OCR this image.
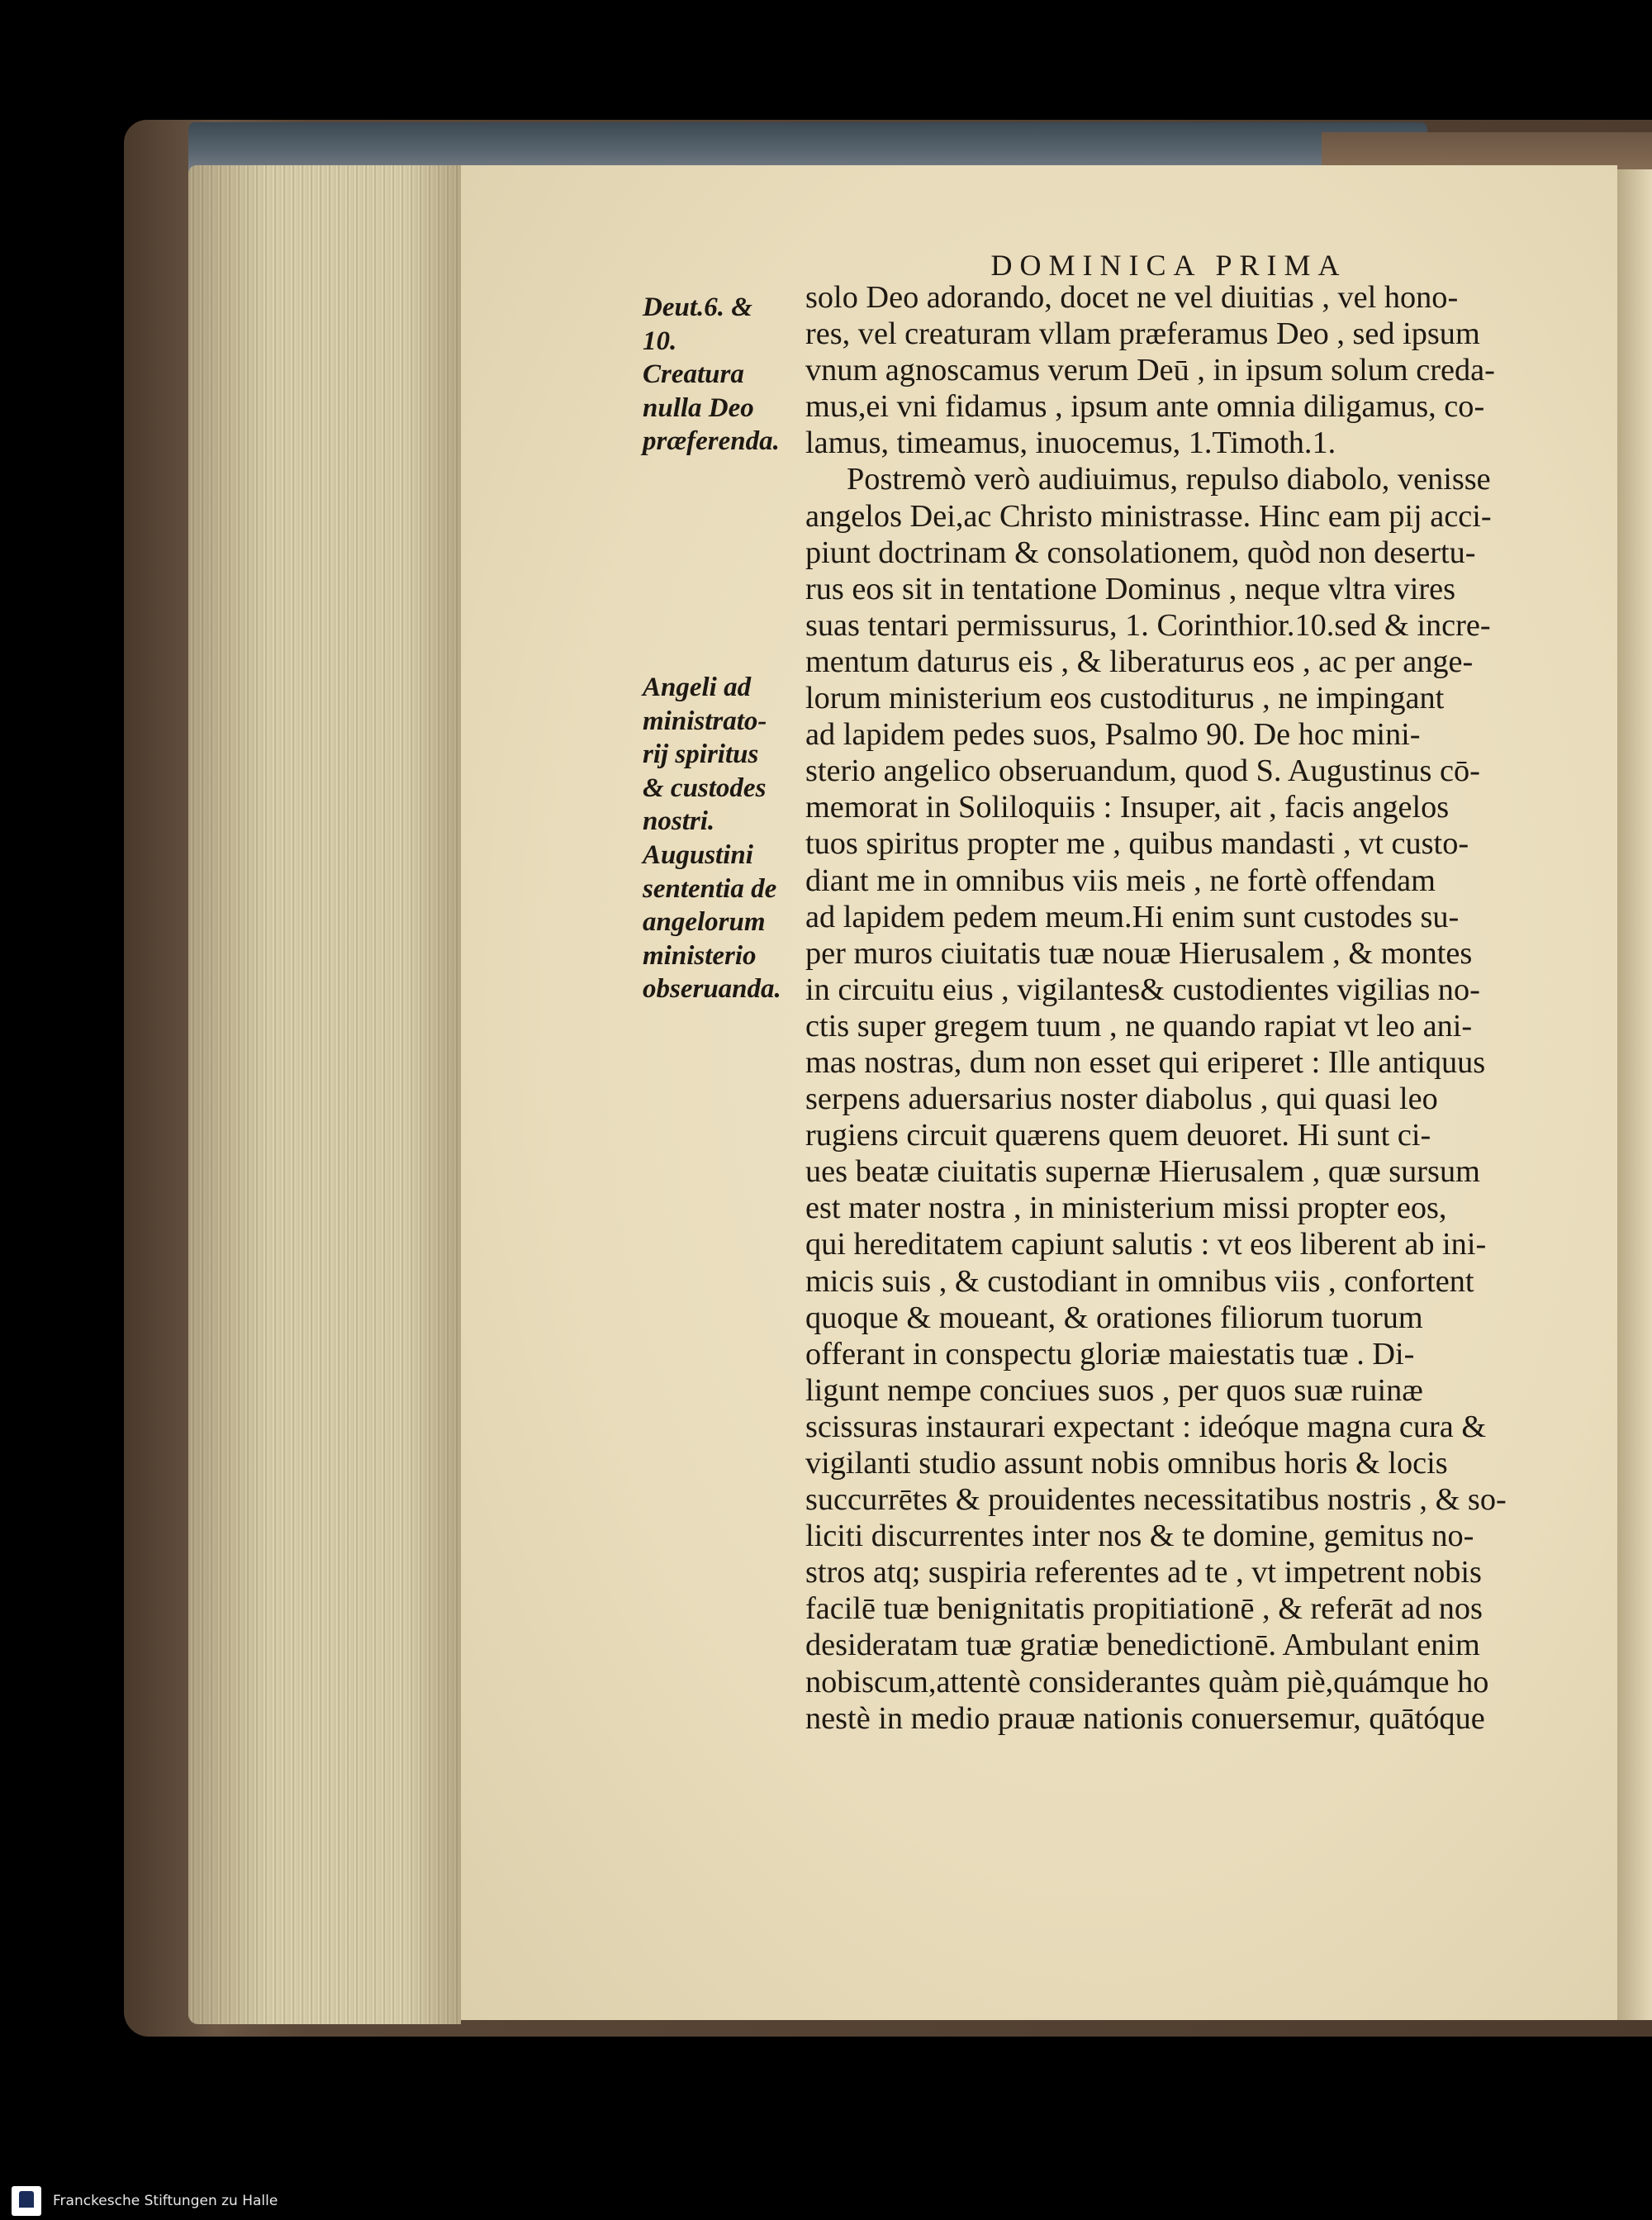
DOMINICA PRIMA
Deut.6. &
10.
Creatura
nulla Deo
præferenda.
Angeli ad
ministrato-
rij spiritus
& custodes
nostri.
Augustini
sententia de
angelorum
ministerio
obseruanda.
solo Deo adorando, docet ne vel diuitias , vel hono-
res, vel creaturam vllam præferamus Deo , sed ipsum
vnum agnoscamus verum Deū , in ipsum solum creda-
mus,ei vni fidamus , ipsum ante omnia diligamus, co-
lamus, timeamus, inuocemus, 1.Timoth.1.
Postremò verò audiuimus, repulso diabolo, venisse
angelos Dei,ac Christo ministrasse. Hinc eam pij acci-
piunt doctrinam & consolationem, quòd non desertu-
rus eos sit in tentatione Dominus , neque vltra vires
suas tentari permissurus, 1. Corinthior.10.sed & incre-
mentum daturus eis , & liberaturus eos , ac per ange-
lorum ministerium eos custoditurus , ne impingant
ad lapidem pedes suos, Psalmo 90. De hoc mini-
sterio angelico obseruandum, quod S. Augustinus cō-
memorat in Soliloquiis : Insuper, ait , facis angelos
tuos spiritus propter me , quibus mandasti , vt custo-
diant me in omnibus viis meis , ne fortè offendam
ad lapidem pedem meum.Hi enim sunt custodes su-
per muros ciuitatis tuæ nouæ Hierusalem , & montes
in circuitu eius , vigilantes& custodientes vigilias no-
ctis super gregem tuum , ne quando rapiat vt leo ani-
mas nostras, dum non esset qui eriperet : Ille antiquus
serpens aduersarius noster diabolus , qui quasi leo
rugiens circuit quærens quem deuoret. Hi sunt ci-
ues beatæ ciuitatis supernæ Hierusalem , quæ sursum
est mater nostra , in ministerium missi propter eos,
qui hereditatem capiunt salutis : vt eos liberent ab ini-
micis suis , & custodiant in omnibus viis , confortent
quoque & moueant, & orationes filiorum tuorum
offerant in conspectu gloriæ maiestatis tuæ . Di-
ligunt nempe conciues suos , per quos suæ ruinæ
scissuras instaurari expectant : ideóque magna cura &
vigilanti studio assunt nobis omnibus horis & locis
succurrētes & prouidentes necessitatibus nostris , & so-
liciti discurrentes inter nos & te domine, gemitus no-
stros atq; suspiria referentes ad te , vt impetrent nobis
facilē tuæ benignitatis propitiationē , & referāt ad nos
desideratam tuæ gratiæ benedictionē. Ambulant enim
nobiscum,attentè considerantes quàm piè,quámque ho
nestè in medio prauæ nationis conuersemur, quātóque
Franckesche Stiftungen zu Halle
